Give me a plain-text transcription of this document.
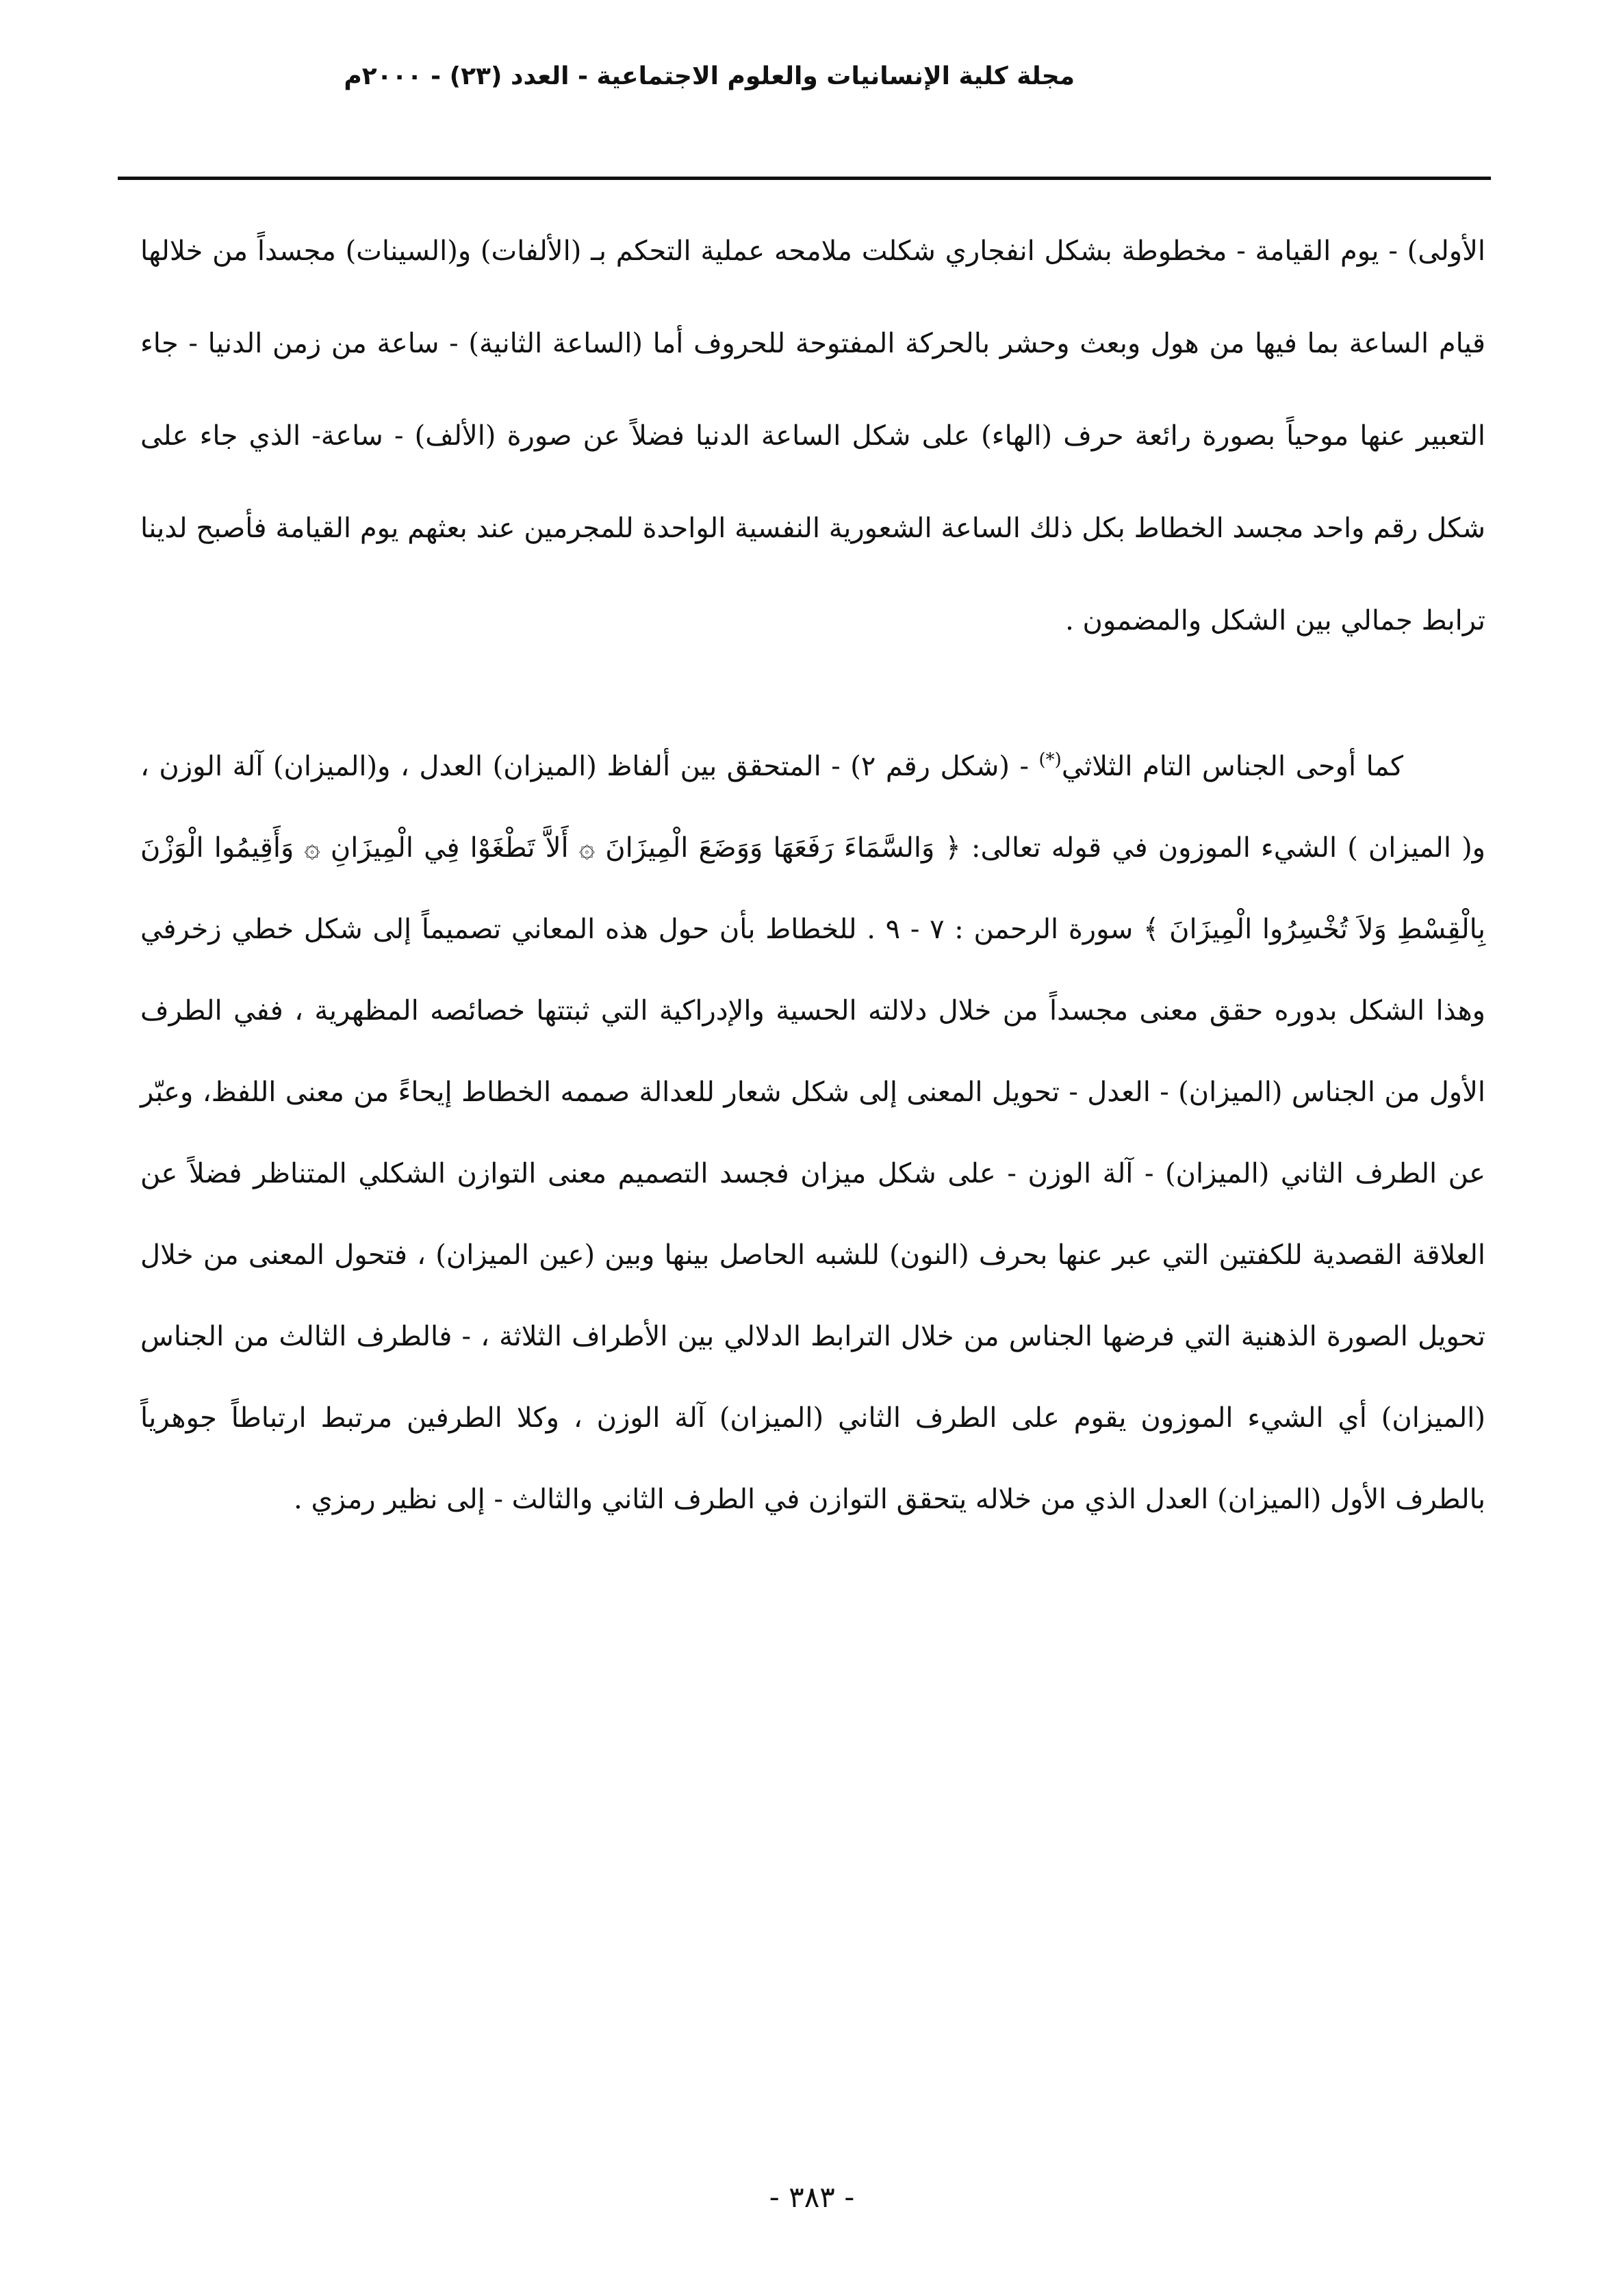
مجلة كلية الإنسانيات والعلوم الاجتماعية - العدد (٢٣) - ٢٠٠٠م

الأولى) - يوم القيامة - مخطوطة بشكل انفجاري شكلت ملامحه عملية التحكم بـ (الألفات) و(السينات) مجسداً من خلالها قيام الساعة بما فيها من هول وبعث وحشر بالحركة المفتوحة للحروف أما (الساعة الثانية) - ساعة من زمن الدنيا - جاء التعبير عنها موحياً بصورة رائعة حرف (الهاء) على شكل الساعة الدنيا فضلاً عن صورة (الألف) - ساعة- الذي جاء على شكل رقم واحد مجسد الخطاط بكل ذلك الساعة الشعورية النفسية الواحدة للمجرمين عند بعثهم يوم القيامة فأصبح لدينا ترابط جمالي بين الشكل والمضمون .

كما أوحى الجناس التام الثلاثي(*) - (شكل رقم ٢) - المتحقق بين ألفاظ (الميزان) العدل ، و(الميزان) آلة الوزن ، و( الميزان ) الشيء الموزون في قوله تعالى: ﴿ وَالسَّمَاءَ رَفَعَهَا وَوَضَعَ الْمِيزَانَ ۞ أَلاَّ تَطْغَوْا فِي الْمِيزَانِ ۞ وَأَقِيمُوا الْوَزْنَ بِالْقِسْطِ وَلاَ تُخْسِرُوا الْمِيزَانَ ﴾ سورة الرحمن : ٧ - ٩ . للخطاط بأن حول هذه المعاني تصميماً إلى شكل خطي زخرفي وهذا الشكل بدوره حقق معنى مجسداً من خلال دلالته الحسية والإدراكية التي ثبتتها خصائصه المظهرية ، ففي الطرف الأول من الجناس (الميزان) - العدل - تحويل المعنى إلى شكل شعار للعدالة صممه الخطاط إيحاءً من معنى اللفظ، وعبّر عن الطرف الثاني (الميزان) - آلة الوزن - على شكل ميزان فجسد التصميم معنى التوازن الشكلي المتناظر فضلاً عن العلاقة القصدية للكفتين التي عبر عنها بحرف (النون) للشبه الحاصل بينها وبين (عين الميزان) ، فتحول المعنى من خلال تحويل الصورة الذهنية التي فرضها الجناس من خلال الترابط الدلالي بين الأطراف الثلاثة ، - فالطرف الثالث من الجناس (الميزان) أي الشيء الموزون يقوم على الطرف الثاني (الميزان) آلة الوزن ، وكلا الطرفين مرتبط ارتباطاً جوهرياً بالطرف الأول (الميزان) العدل الذي من خلاله يتحقق التوازن في الطرف الثاني والثالث - إلى نظير رمزي .

- ٣٨٣ -
